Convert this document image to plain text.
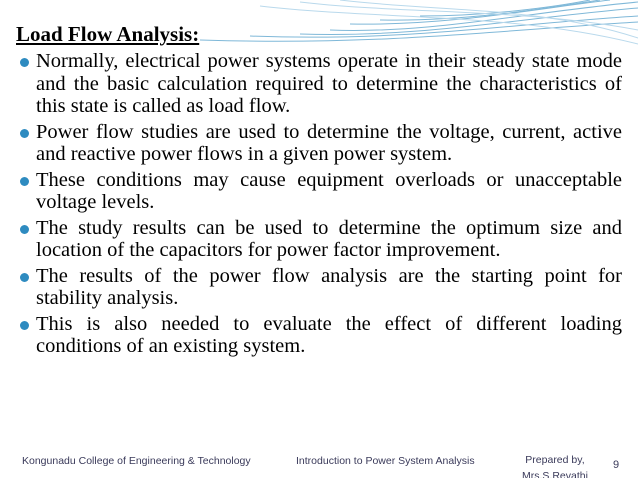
Load Flow Analysis:
Normally, electrical power systems operate in their steady state mode and the basic calculation required to determine the characteristics of this state is called as load flow.
Power flow studies are used to determine the voltage, current, active and reactive power flows in a given power system.
These conditions may cause equipment overloads or unacceptable voltage levels.
The study results can be used to determine the optimum size and location of the capacitors for power factor improvement.
The results of the power flow analysis are the starting point for stability analysis.
This is also needed to evaluate the effect of different loading conditions of an existing system.
Kongunadu College of Engineering & Technology	Introduction to Power System Analysis	Prepared by,
Mrs.S.Revathi
9
